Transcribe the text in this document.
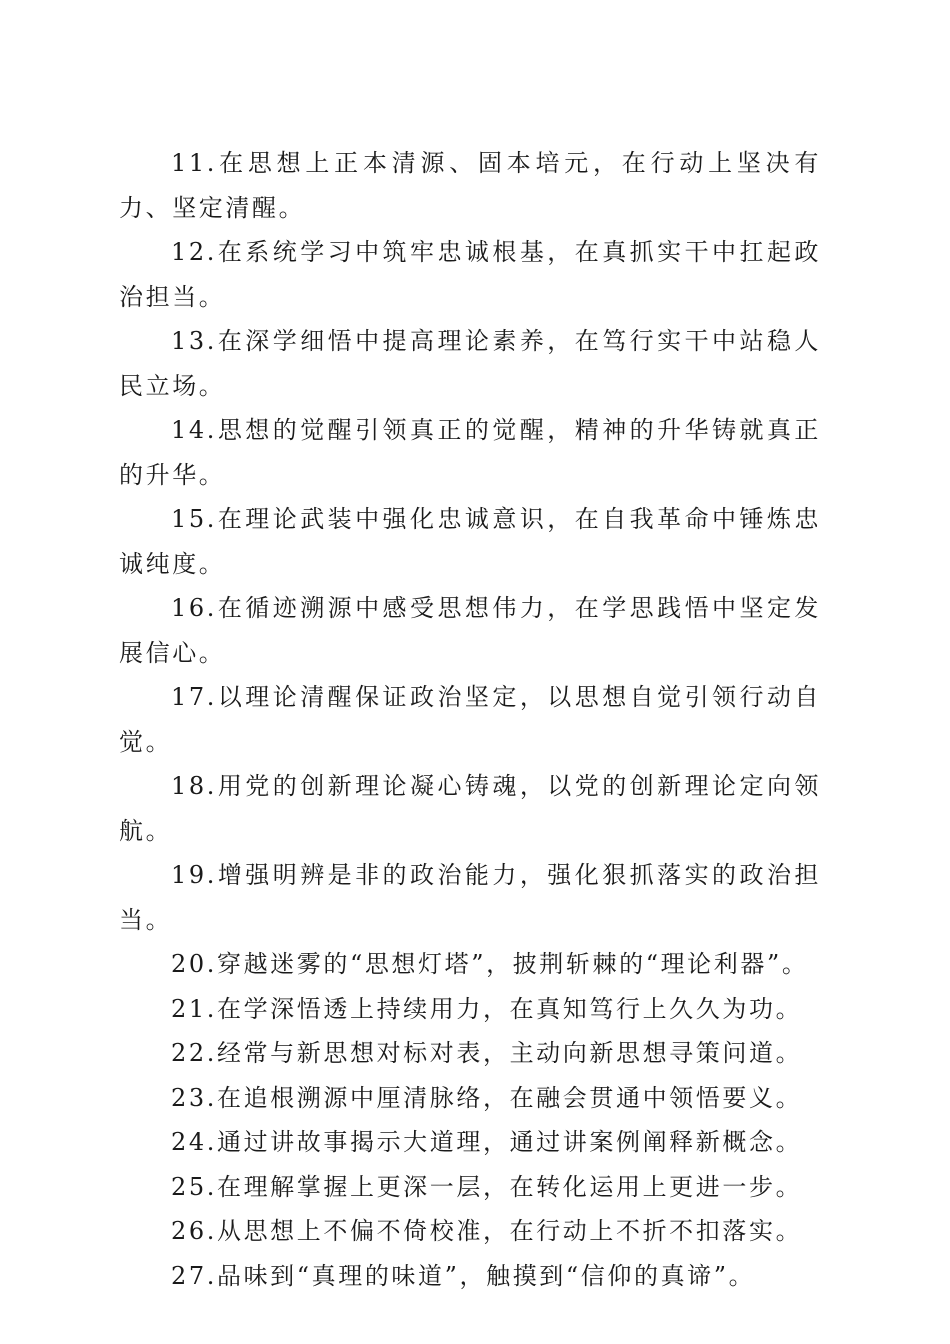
11.在思想上正本清源、固本培元，在行动上坚决有力、坚定清醒。

12.在系统学习中筑牢忠诚根基，在真抓实干中扛起政治担当。

13.在深学细悟中提高理论素养，在笃行实干中站稳人民立场。

14.思想的觉醒引领真正的觉醒，精神的升华铸就真正的升华。

15.在理论武装中强化忠诚意识，在自我革命中锤炼忠诚纯度。

16.在循迹溯源中感受思想伟力，在学思践悟中坚定发展信心。

17.以理论清醒保证政治坚定，以思想自觉引领行动自觉。

18.用党的创新理论凝心铸魂，以党的创新理论定向领航。

19.增强明辨是非的政治能力，强化狠抓落实的政治担当。

20.穿越迷雾的“思想灯塔”，披荆斩棘的“理论利器”。

21.在学深悟透上持续用力，在真知笃行上久久为功。

22.经常与新思想对标对表，主动向新思想寻策问道。

23.在追根溯源中厘清脉络，在融会贯通中领悟要义。

24.通过讲故事揭示大道理，通过讲案例阐释新概念。

25.在理解掌握上更深一层，在转化运用上更进一步。

26.从思想上不偏不倚校准，在行动上不折不扣落实。

27.品味到“真理的味道”，触摸到“信仰的真谛”。
